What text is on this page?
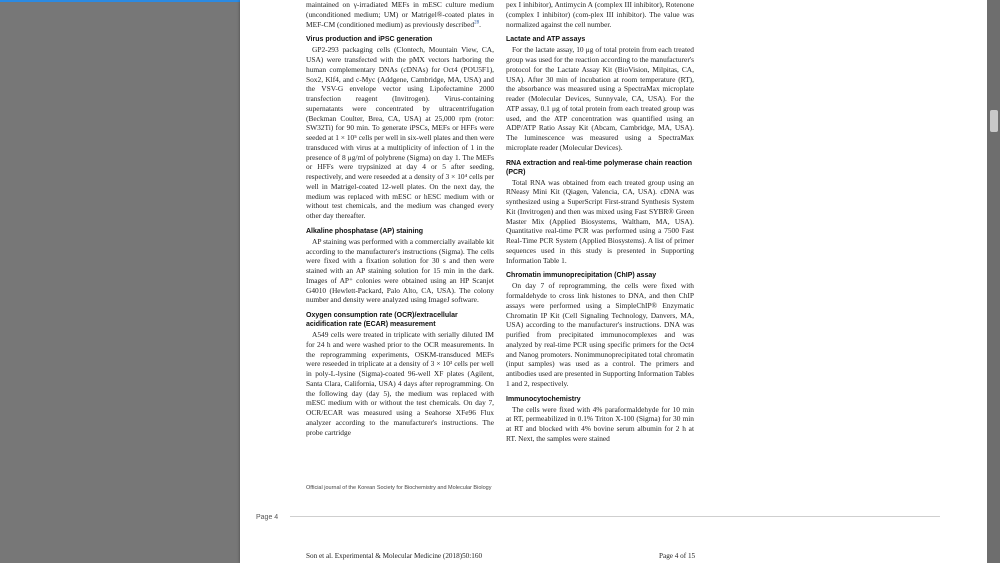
maintained on γ-irradiated MEFs in mESC culture medium (unconditioned medium; UM) or Matrigel®-coated plates in MEF-CM (conditioned medium) as previously described$^{28}$.

Virus production and iPSC generation

GP2-293 packaging cells (Clontech, Mountain View, CA, USA) were transfected with the pMX vectors harboring the human complementary DNAs (cDNAs) for Oct4 (POU5F1), Sox2, Klf4, and c-Myc (Addgene, Cambridge, MA, USA) and the VSV-G envelope vector using Lipofectamine 2000 transfection reagent (Invitrogen). Virus-containing supernatants were concentrated by ultracentrifugation (Beckman Coulter, Brea, CA, USA) at 25,000 rpm (rotor: SW32Ti) for 90 min. To generate iPSCs, MEFs or HFFs were seeded at 1 × 10⁵ cells per well in six-well plates and then were transduced with virus at a multiplicity of infection of 1 in the presence of 8 μg/ml of polybrene (Sigma) on day 1. The MEFs or HFFs were trypsinized at day 4 or 5 after seeding, respectively, and were reseeded at a density of 3 × 10⁴ cells per well in Matrigel-coated 12-well plates. On the next day, the medium was replaced with mESC or hESC medium with or without test chemicals, and the medium was changed every other day thereafter.

Alkaline phosphatase (AP) staining

AP staining was performed with a commercially available kit according to the manufacturer's instructions (Sigma). The cells were fixed with a fixation solution for 30 s and then were stained with an AP staining solution for 15 min in the dark. Images of AP⁺ colonies were obtained using an HP Scanjet G4010 (Hewlett-Packard, Palo Alto, CA, USA). The colony number and density were analyzed using ImageJ software.

Oxygen consumption rate (OCR)/extracellular acidification rate (ECAR) measurement

A549 cells were treated in triplicate with serially diluted IM for 24 h and were washed prior to the OCR measurements. In the reprogramming experiments, OSKM-transduced MEFs were reseeded in triplicate at a density of 3 × 10³ cells per well in poly-L-lysine (Sigma)-coated 96-well XF plates (Agilent, Santa Clara, California, USA) 4 days after reprogramming. On the following day (day 5), the medium was replaced with mESC medium with or without the test chemicals. On day 7, OCR/ECAR was measured using a Seahorse XFe96 Flux analyzer according to the manufacturer's instructions. The probe cartridge

pex I inhibitor), Antimycin A (complex III inhibitor), Rotenone (complex I inhibitor) (com-plex III inhibitor). The value was normalized against the cell number.

Lactate and ATP assays

For the lactate assay, 10 μg of total protein from each treated group was used for the reaction according to the manufacturer's protocol for the Lactate Assay Kit (BioVision, Milpitas, CA, USA). After 30 min of incubation at room temperature (RT), the absorbance was measured using a SpectraMax microplate reader (Molecular Devices, Sunnyvale, CA, USA). For the ATP assay, 0.1 μg of total protein from each treated group was used, and the ATP concentration was quantified using an ADP/ATP Ratio Assay Kit (Abcam, Cambridge, MA, USA). The luminescence was measured using a SpectraMax microplate reader (Molecular Devices).

RNA extraction and real-time polymerase chain reaction (PCR)

Total RNA was obtained from each treated group using an RNeasy Mini Kit (Qiagen, Valencia, CA, USA). cDNA was synthesized using a SuperScript First-strand Synthesis System Kit (Invitrogen) and then was mixed using Fast SYBR® Green Master Mix (Applied Biosystems, Waltham, MA, USA). Quantitative real-time PCR was performed using a 7500 Fast Real-Time PCR System (Applied Biosystems). A list of primer sequences used in this study is presented in Supporting Information Table 1.

Chromatin immunoprecipitation (ChIP) assay

On day 7 of reprogramming, the cells were fixed with formaldehyde to cross link histones to DNA, and then ChIP assays were performed using a SimpleChIP® Enzymatic Chromatin IP Kit (Cell Signaling Technology, Danvers, MA, USA) according to the manufacturer's instructions. DNA was purified from precipitated immunocomplexes and was analyzed by real-time PCR using specific primers for the Oct4 and Nanog promoters. Nonimmunoprecipitated total chromatin (input samples) was used as a control. The primers and antibodies used are presented in Supporting Information Tables 1 and 2, respectively.

Immunocytochemistry

The cells were fixed with 4% paraformaldehyde for 10 min at RT, permeabilized in 0.1% Triton X-100 (Sigma) for 30 min at RT and blocked with 4% bovine serum albumin for 2 h at RT. Next, the samples were stained

Official journal of the Korean Society for Biochemistry and Molecular Biology
Page 4
Son et al. Experimental & Molecular Medicine (2018)50:160	Page 4 of 15
